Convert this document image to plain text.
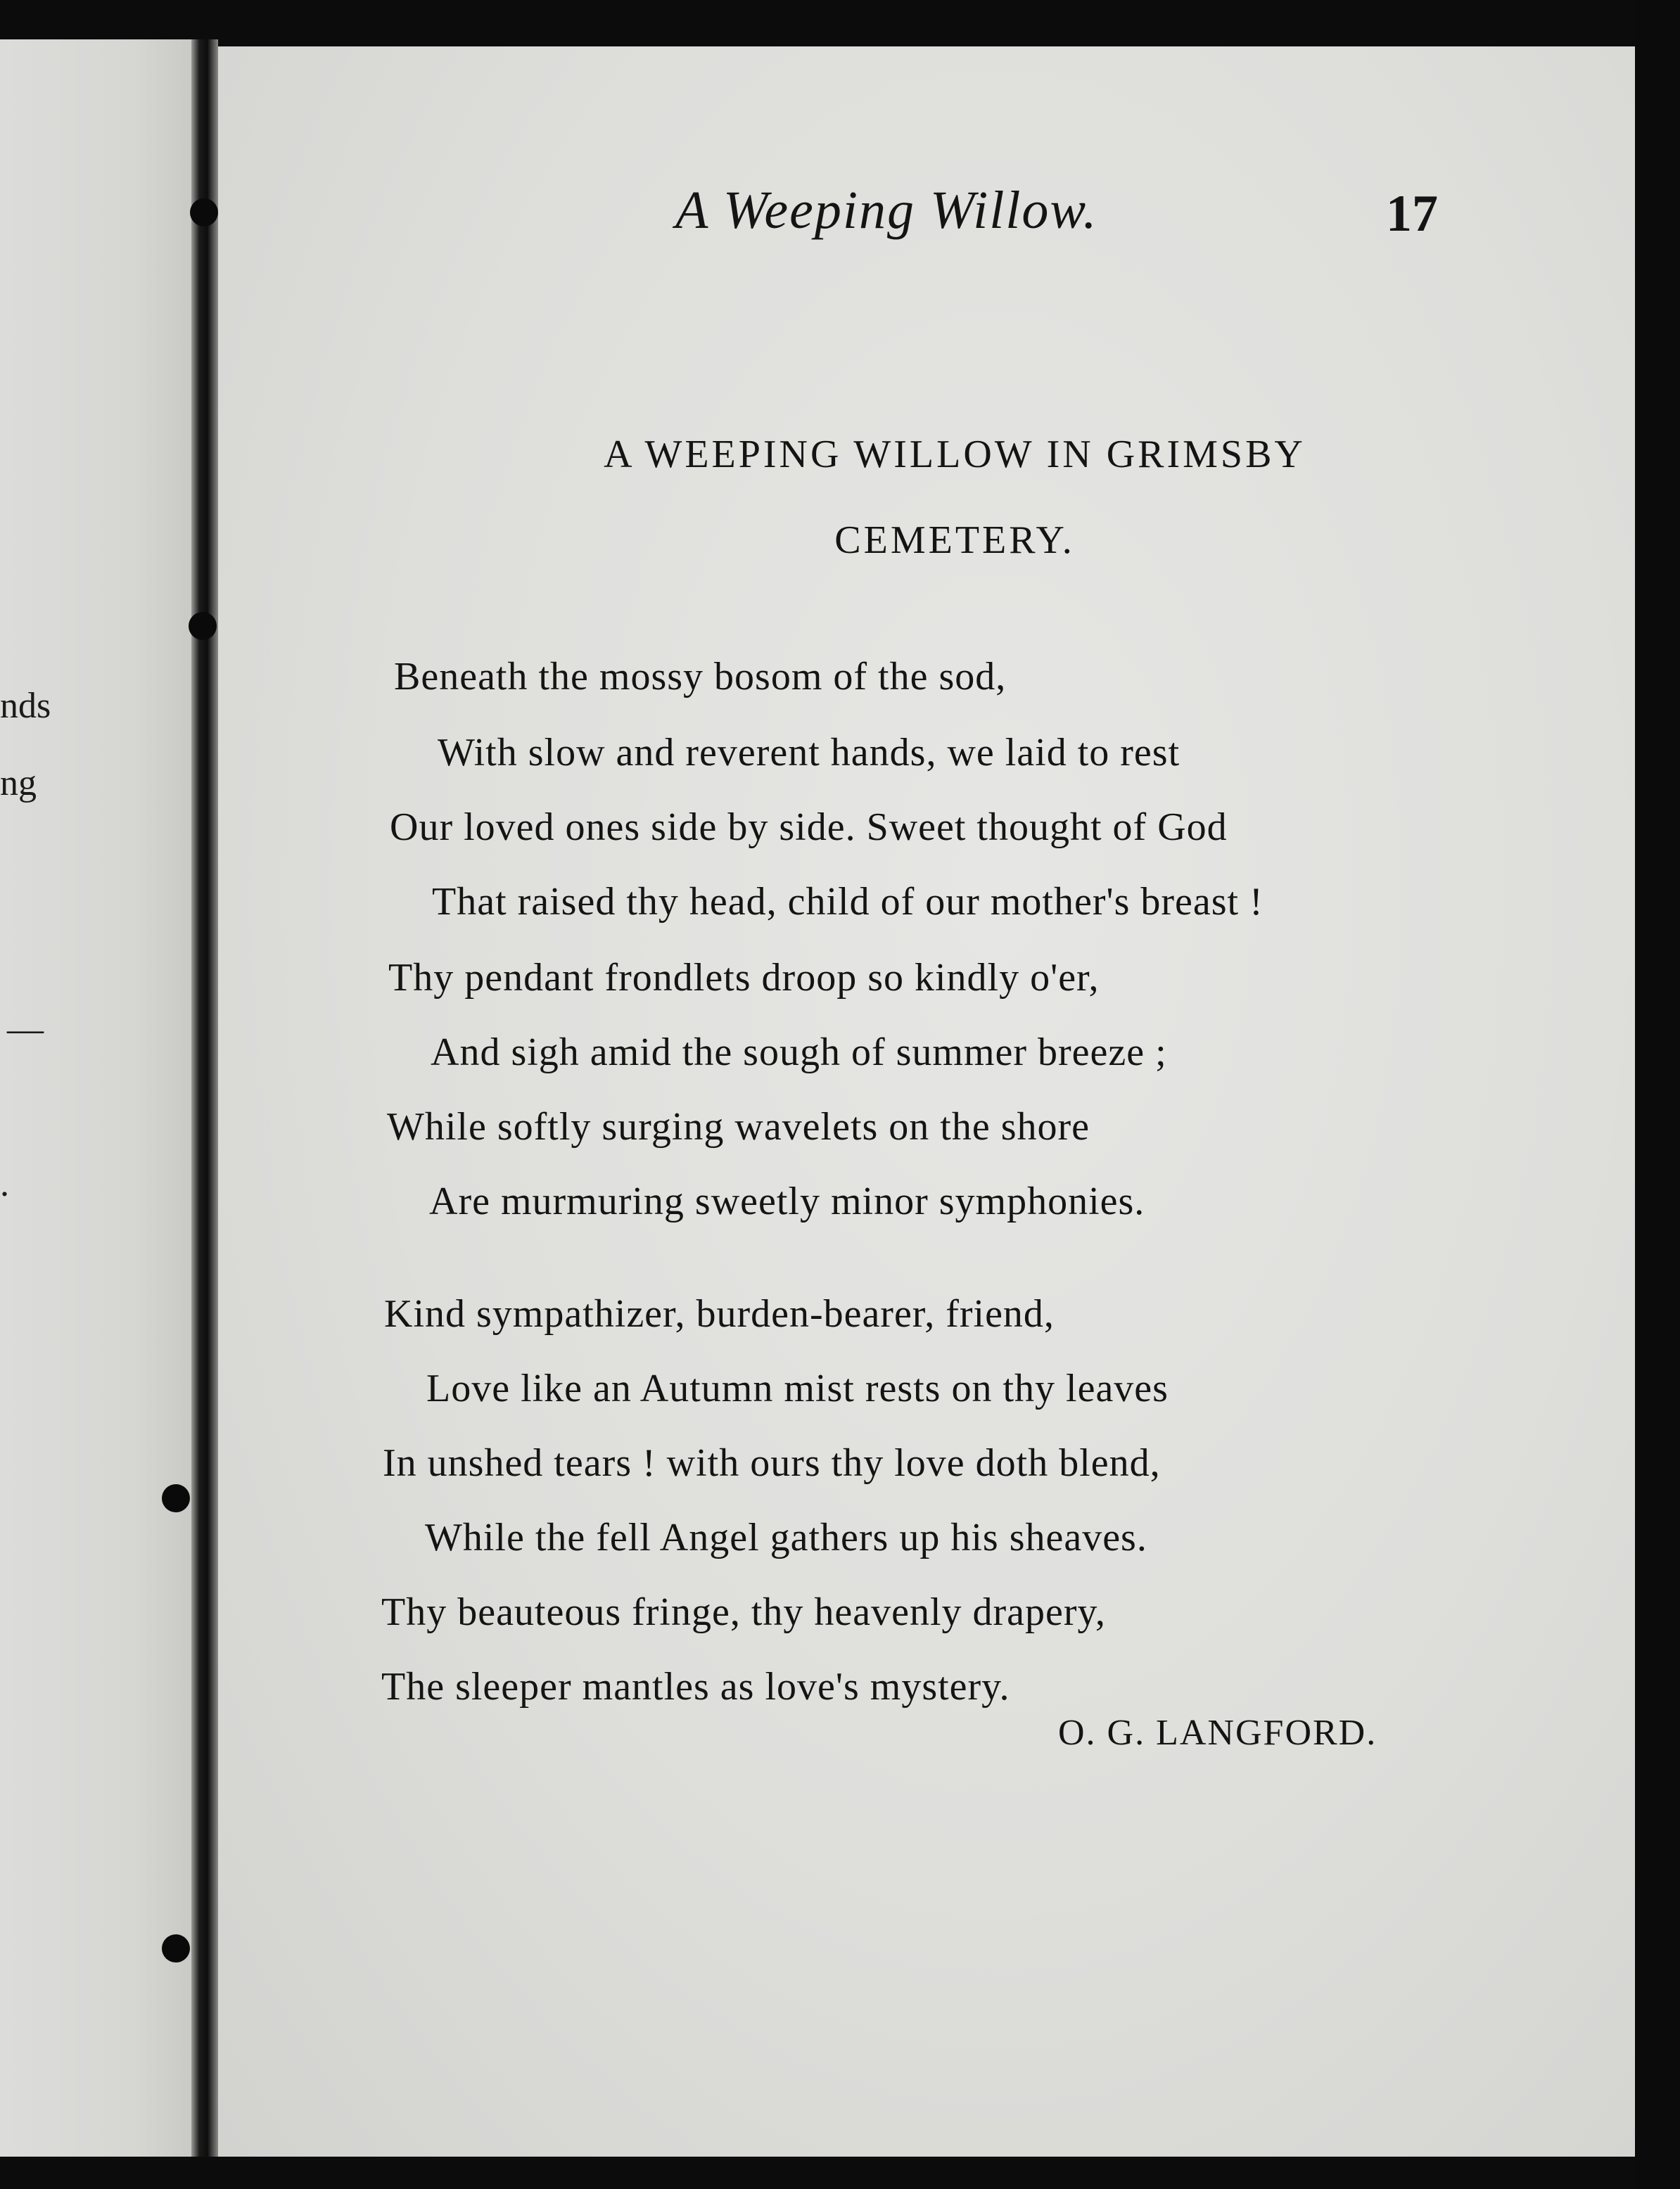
nds
ng
—
.
A Weeping Willow.	17
A WEEPING WILLOW IN GRIMSBY
CEMETERY.
Beneath the mossy bosom of the sod,
With slow and reverent hands, we laid to rest
Our loved ones side by side. Sweet thought of God
That raised thy head, child of our mother's breast !
Thy pendant frondlets droop so kindly o'er,
And sigh amid the sough of summer breeze ;
While softly surging wavelets on the shore
Are murmuring sweetly minor symphonies.
Kind sympathizer, burden-bearer, friend,
Love like an Autumn mist rests on thy leaves
In unshed tears ! with ours thy love doth blend,
While the fell Angel gathers up his sheaves.
Thy beauteous fringe, thy heavenly drapery,
The sleeper mantles as love's mystery.
O. G. LANGFORD.
